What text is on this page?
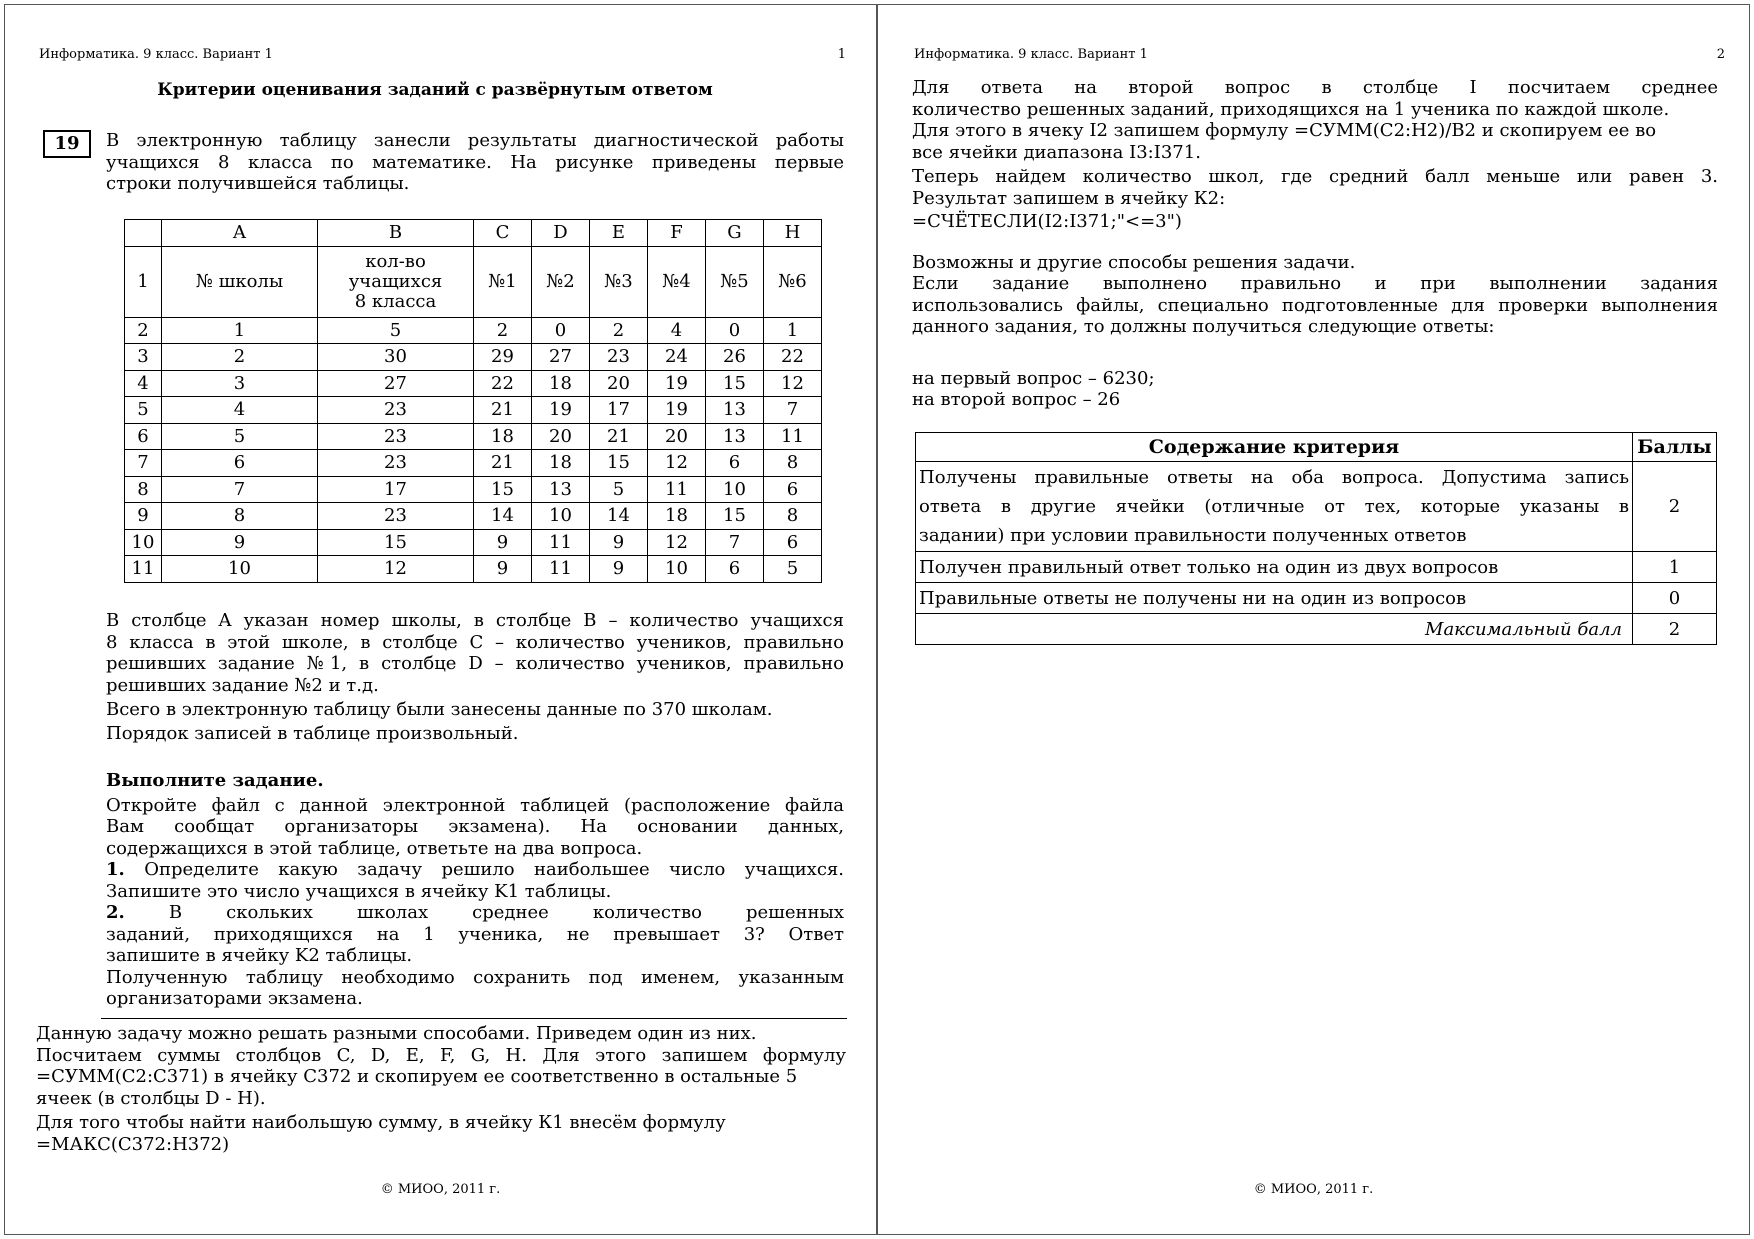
Информатика. 9 класс. Вариант 1	1
Критерии оценивания заданий с развёрнутым ответом
19	В электронную таблицу занесли результаты диагностической работы
учащихся 8 класса по математике. На рисунке приведены первые
строки получившейся таблицы.
	A	B	C	D	E	F	G	H
1	№ школы	кол-во
учащихся
8 класса	№1	№2	№3	№4	№5	№6
2	1	5	2	0	2	4	0	1
3	2	30	29	27	23	24	26	22
4	3	27	22	18	20	19	15	12
5	4	23	21	19	17	19	13	7
6	5	23	18	20	21	20	13	11
7	6	23	21	18	15	12	6	8
8	7	17	15	13	5	11	10	6
9	8	23	14	10	14	18	15	8
10	9	15	9	11	9	12	7	6
11	10	12	9	11	9	10	6	5
В столбце A указан номер школы, в столбце B – количество учащихся
8 класса в этой школе, в столбце C – количество учеников, правильно
решивших задание №1, в столбце D – количество учеников, правильно
решивших задание №2 и т.д.
Всего в электронную таблицу были занесены данные по 370 школам.
Порядок записей в таблице произвольный.
Выполните задание.
Откройте файл с данной электронной таблицей (расположение файла
Вам сообщат организаторы экзамена). На основании данных,
содержащихся в этой таблице, ответьте на два вопроса.
1. Определите какую задачу решило наибольшее число учащихся.
Запишите это число учащихся в ячейку K1 таблицы.
2. В скольких школах среднее количество решенных
заданий, приходящихся на 1 ученика, не превышает 3? Ответ
запишите в ячейку K2 таблицы.
Полученную таблицу необходимо сохранить под именем, указанным
организаторами экзамена.
Данную задачу можно решать разными способами. Приведем один из них.
Посчитаем суммы столбцов C, D, E, F, G, H. Для этого запишем формулу
=СУММ(C2:C371) в ячейку С372 и скопируем ее соответственно в остальные 5
ячеек (в столбцы D - H).
Для того чтобы найти наибольшую сумму, в ячейку К1 внесём формулу
=МАКС(C372:H372)
© МИОО, 2011 г.
Информатика. 9 класс. Вариант 1	2
Для ответа на второй вопрос в столбце I посчитаем среднее
количество решенных заданий, приходящихся на 1 ученика по каждой школе.
Для этого в ячеку I2 запишем формулу =СУММ(C2:H2)/B2 и скопируем ее во
все ячейки диапазона I3:I371.
Теперь найдем количество школ, где средний балл меньше или равен 3.
Результат запишем в ячейку К2:
=СЧЁТЕСЛИ(I2:I371;"<=3")
Возможны и другие способы решения задачи.
Если задание выполнено правильно и при выполнении задания
использовались файлы, специально подготовленные для проверки выполнения
данного задания, то должны получиться следующие ответы:
на первый вопрос – 6230;
на второй вопрос – 26
Содержание критерия	Баллы

Получены правильные ответы на оба вопроса. Допустима запись
ответа в другие ячейки (отличные от тех, которые указаны в
задании) при условии правильности полученных ответов	2
Получен правильный ответ только на один из двух вопросов	1
Правильные ответы не получены ни на один из вопросов	0
Максимальный балл	2
© МИОО, 2011 г.
